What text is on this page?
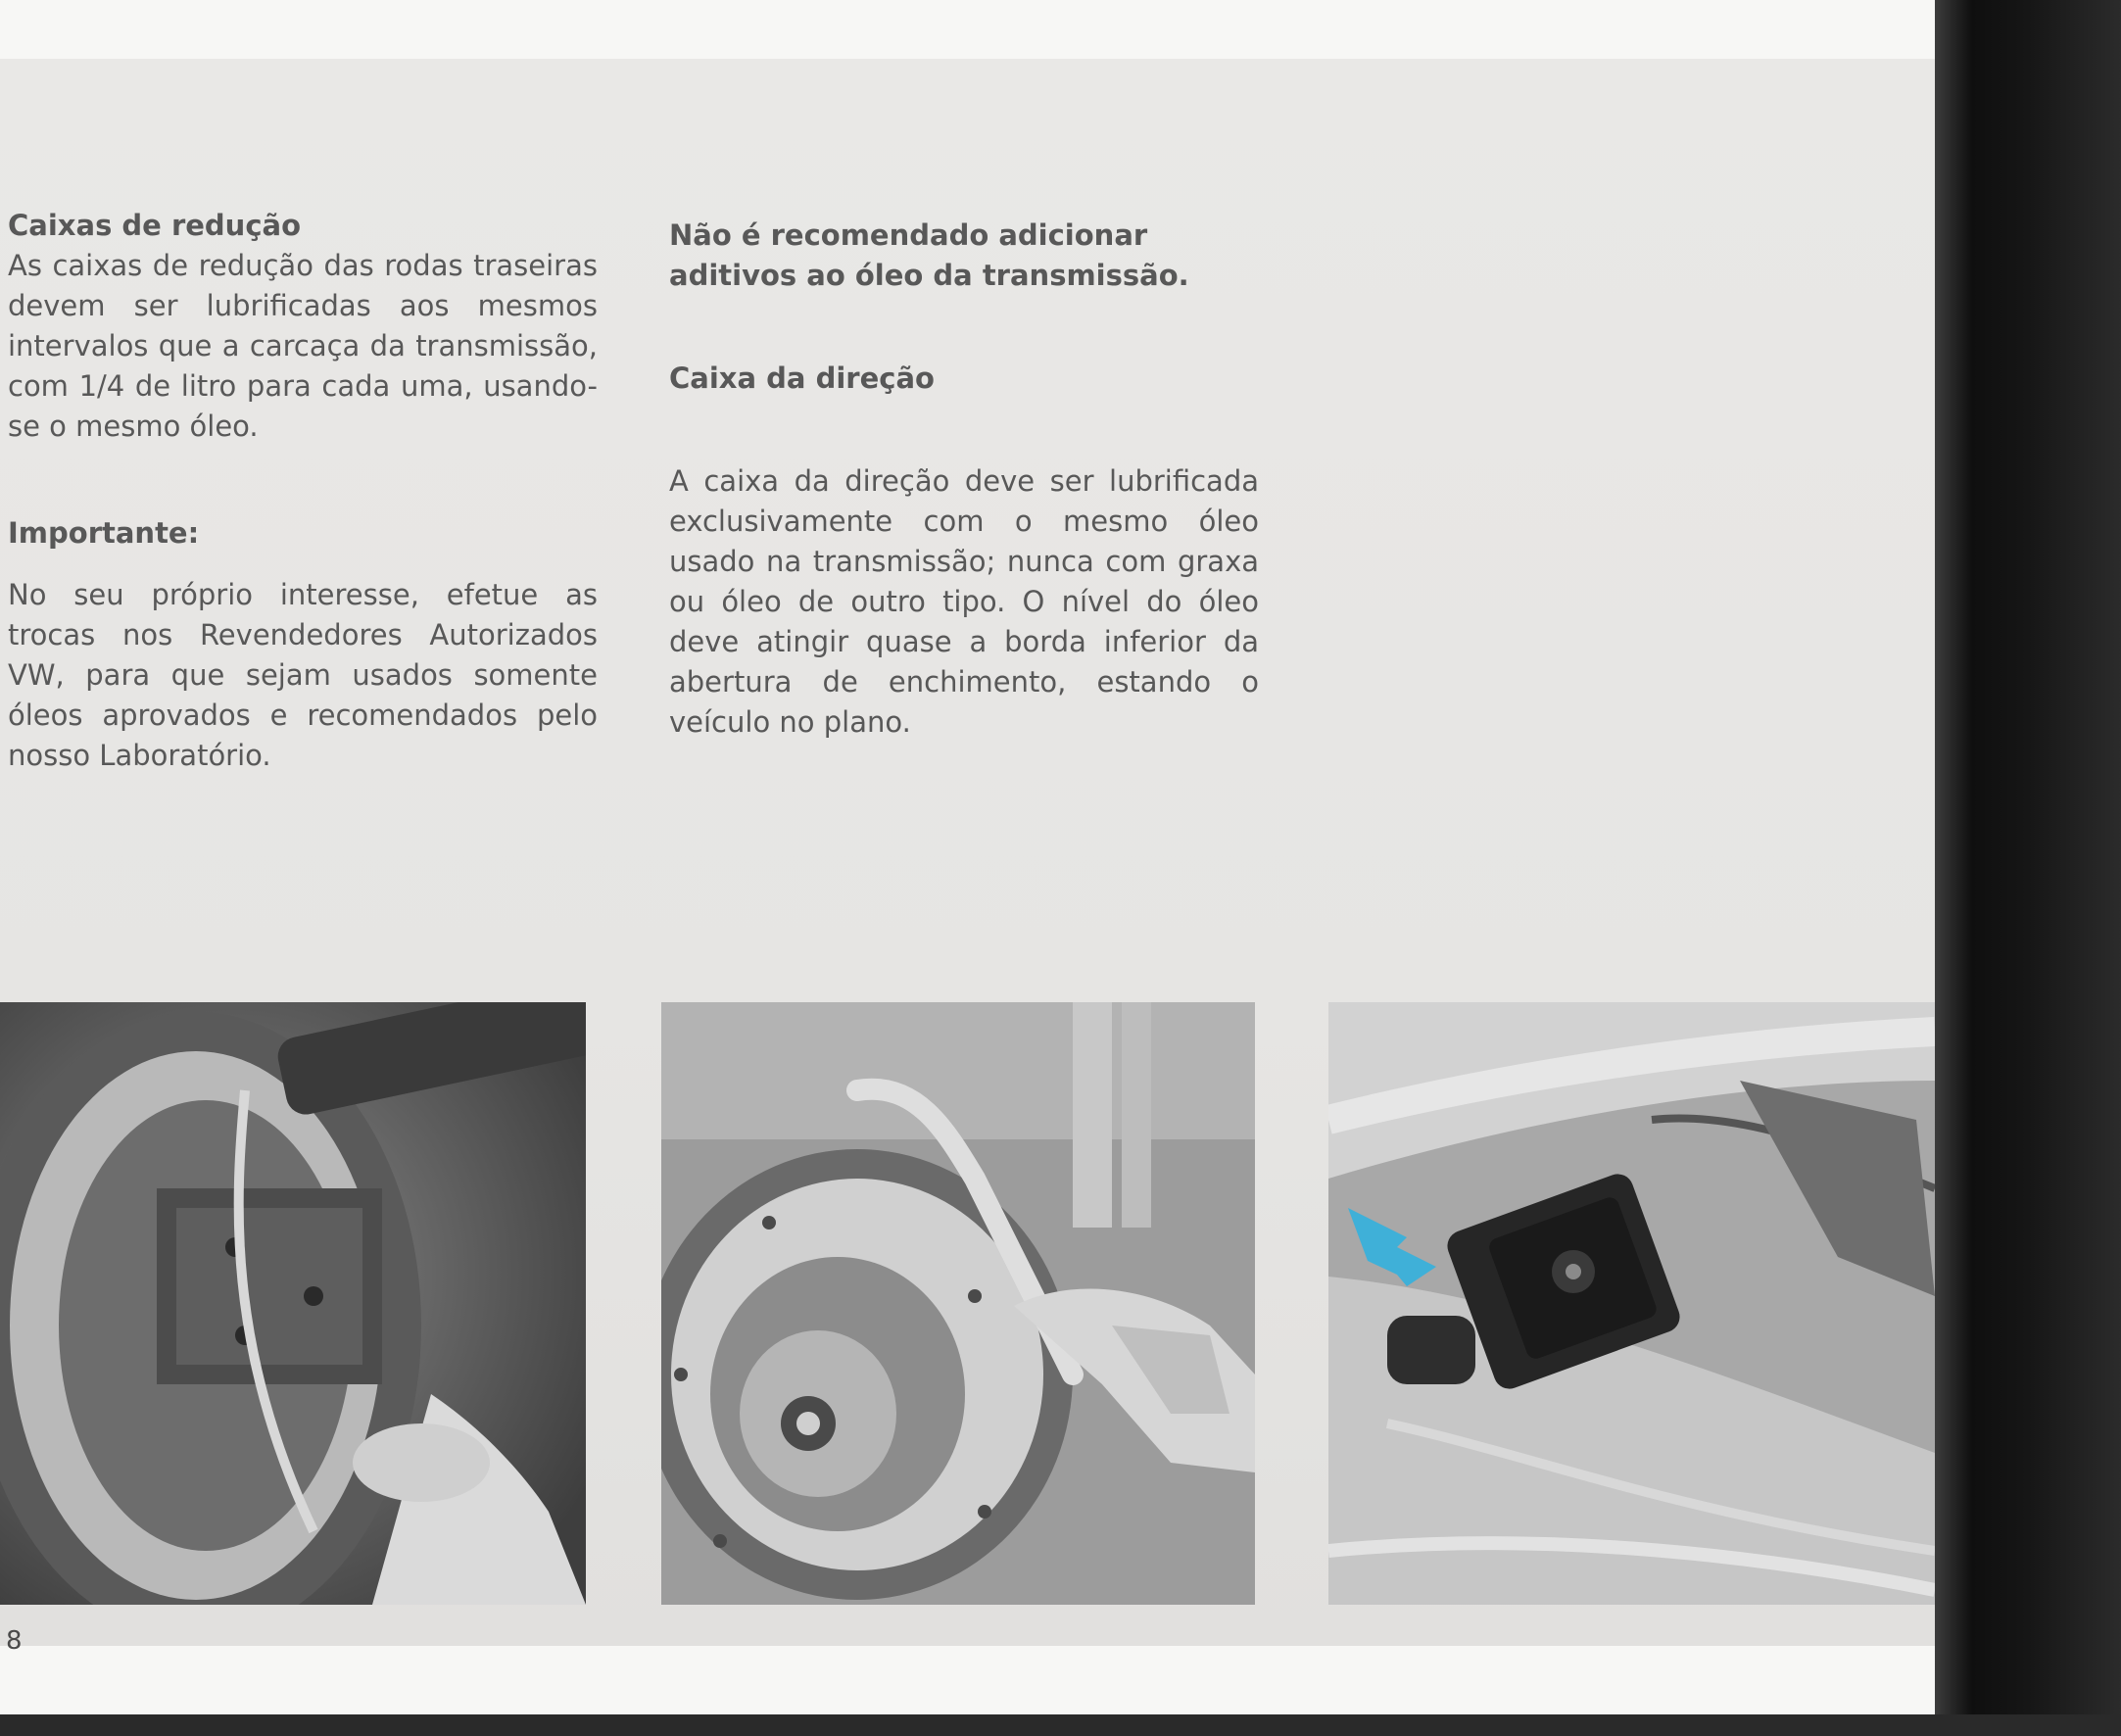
Caixas de redução

As caixas de redução das rodas traseiras devem ser lubrificadas aos mesmos intervalos que a carcaça da transmissão, com 1/4 de litro para cada uma, usando-se o mesmo óleo.

Importante:

No seu próprio interesse, efetue as trocas nos Revendedores Autorizados VW, para que sejam usados somente óleos aprovados e recomendados pelo nosso Laboratório.

Não é recomendado adicionar aditivos ao óleo da transmissão.

Caixa da direção

A caixa da direção deve ser lubrificada exclusivamente com o mesmo óleo usado na transmissão; nunca com graxa ou óleo de outro tipo. O nível do óleo deve atingir quase a borda inferior da abertura de enchimento, estando o veículo no plano.

8
